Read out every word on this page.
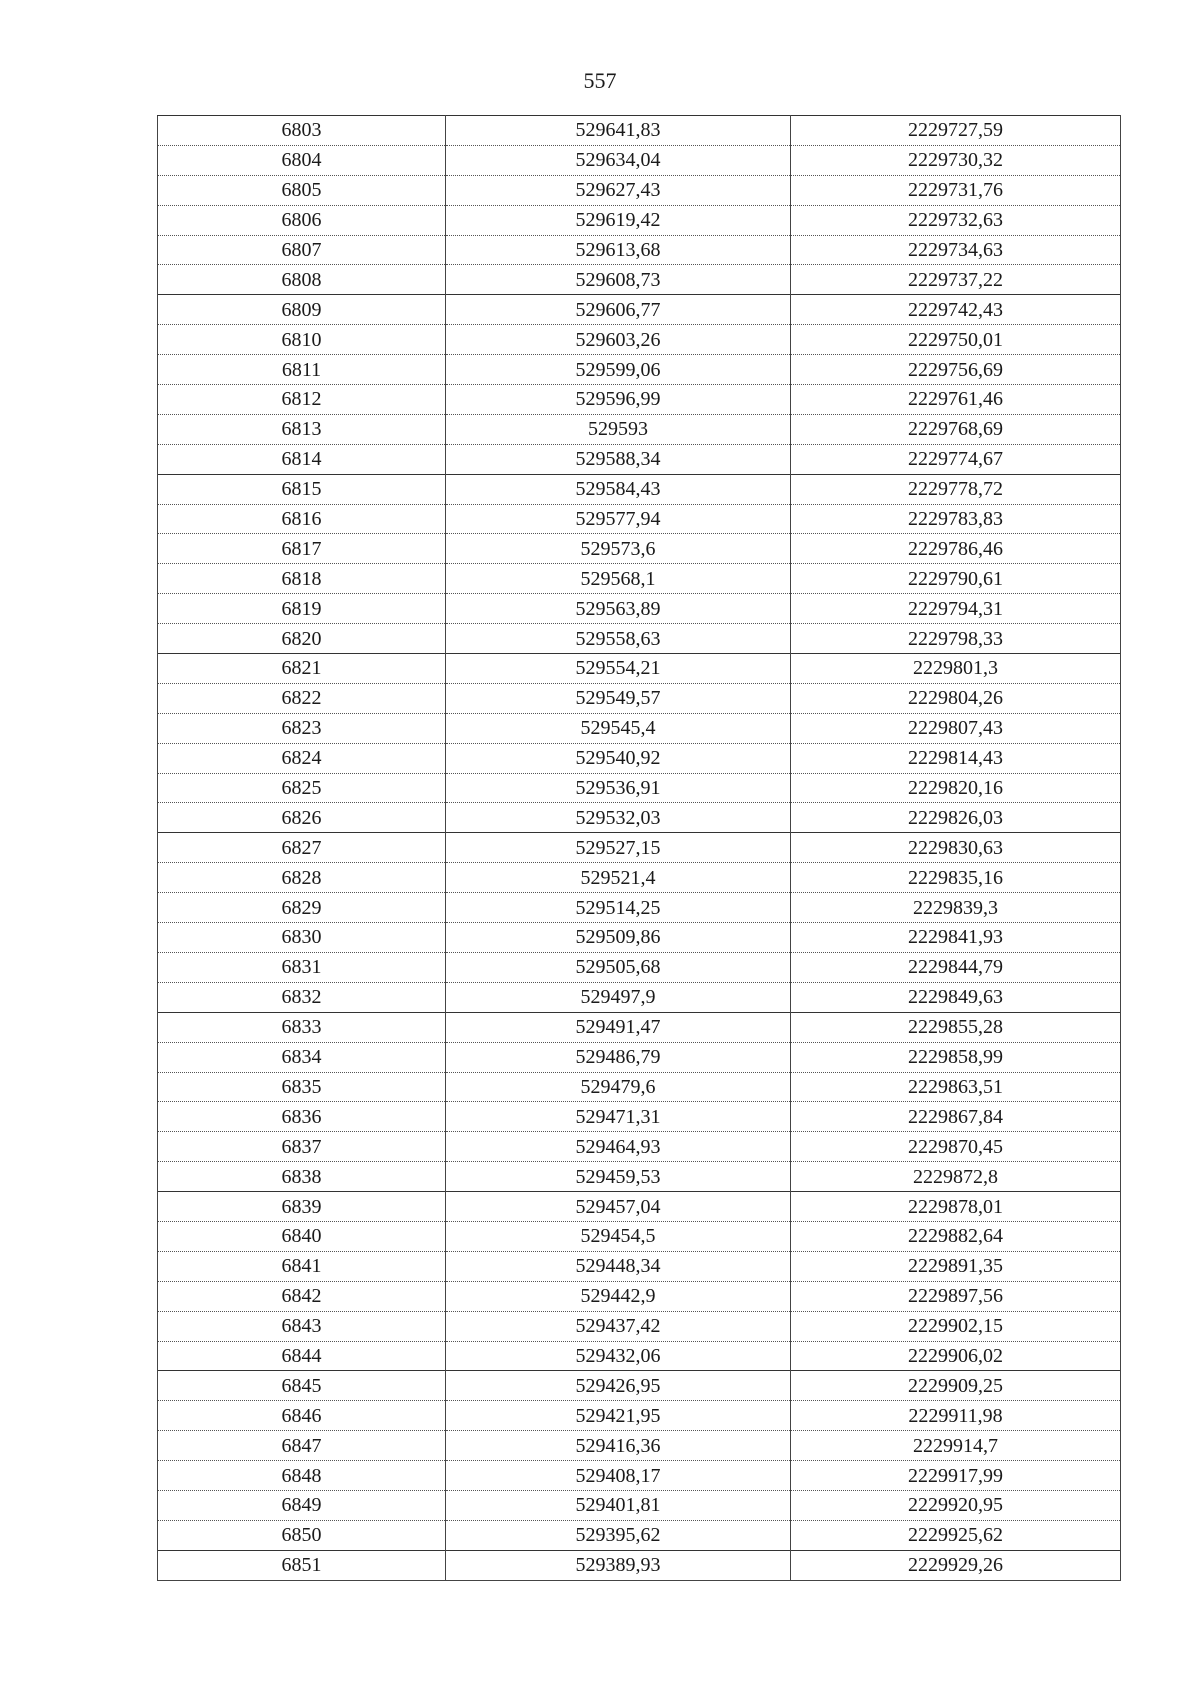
557
6803	529641,83	2229727,59
6804	529634,04	2229730,32
6805	529627,43	2229731,76
6806	529619,42	2229732,63
6807	529613,68	2229734,63
6808	529608,73	2229737,22
6809	529606,77	2229742,43
6810	529603,26	2229750,01
6811	529599,06	2229756,69
6812	529596,99	2229761,46
6813	529593	2229768,69
6814	529588,34	2229774,67
6815	529584,43	2229778,72
6816	529577,94	2229783,83
6817	529573,6	2229786,46
6818	529568,1	2229790,61
6819	529563,89	2229794,31
6820	529558,63	2229798,33
6821	529554,21	2229801,3
6822	529549,57	2229804,26
6823	529545,4	2229807,43
6824	529540,92	2229814,43
6825	529536,91	2229820,16
6826	529532,03	2229826,03
6827	529527,15	2229830,63
6828	529521,4	2229835,16
6829	529514,25	2229839,3
6830	529509,86	2229841,93
6831	529505,68	2229844,79
6832	529497,9	2229849,63
6833	529491,47	2229855,28
6834	529486,79	2229858,99
6835	529479,6	2229863,51
6836	529471,31	2229867,84
6837	529464,93	2229870,45
6838	529459,53	2229872,8
6839	529457,04	2229878,01
6840	529454,5	2229882,64
6841	529448,34	2229891,35
6842	529442,9	2229897,56
6843	529437,42	2229902,15
6844	529432,06	2229906,02
6845	529426,95	2229909,25
6846	529421,95	2229911,98
6847	529416,36	2229914,7
6848	529408,17	2229917,99
6849	529401,81	2229920,95
6850	529395,62	2229925,62
6851	529389,93	2229929,26
